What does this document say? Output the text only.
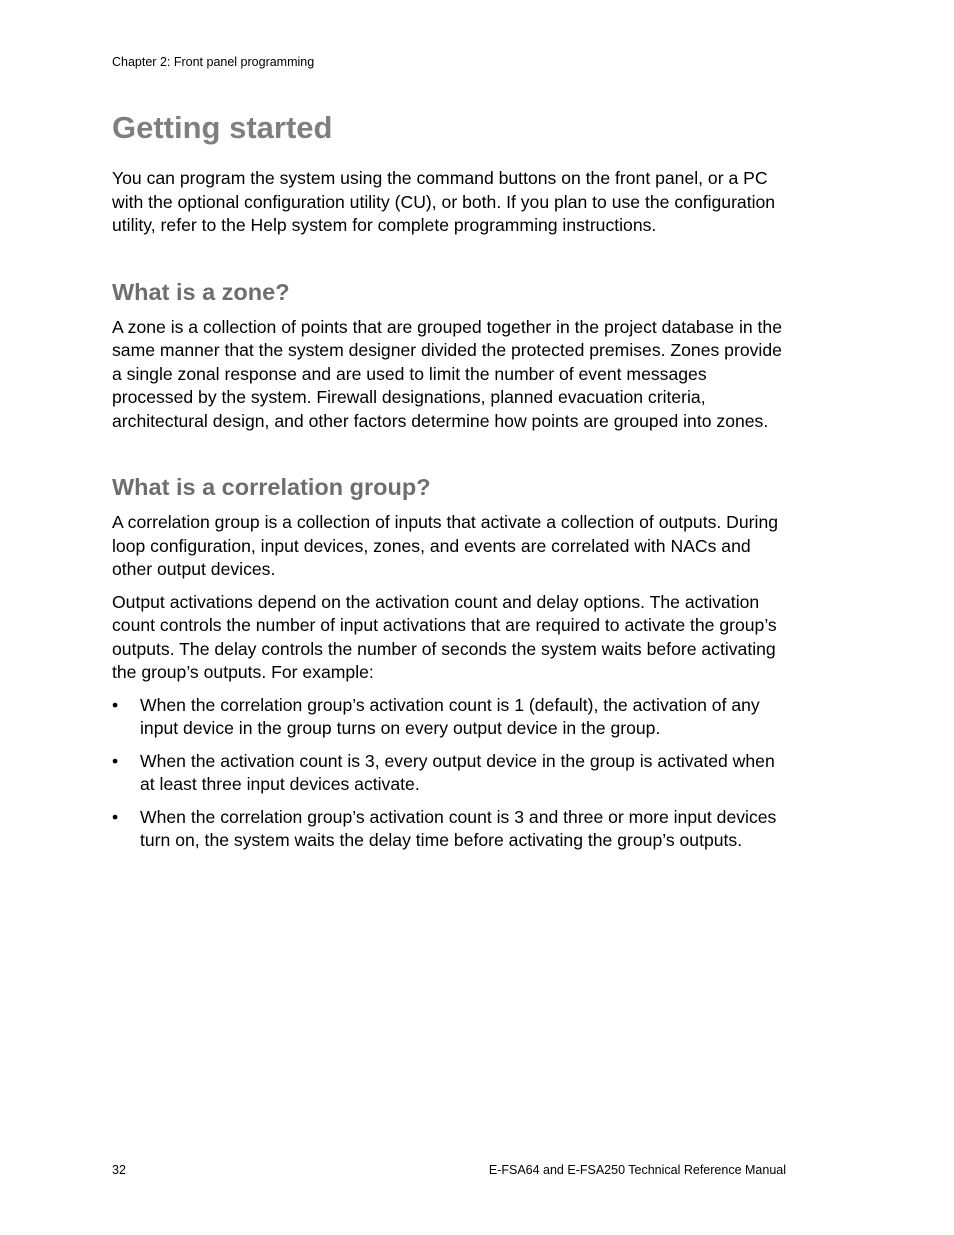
Chapter 2: Front panel programming
Getting started

You can program the system using the command buttons on the front panel, or a PC with the optional configuration utility (CU), or both. If you plan to use the configuration utility, refer to the Help system for complete programming instructions.

What is a zone?

A zone is a collection of points that are grouped together in the project database in the same manner that the system designer divided the protected premises. Zones provide a single zonal response and are used to limit the number of event messages processed by the system. Firewall designations, planned evacuation criteria, architectural design, and other factors determine how points are grouped into zones.

What is a correlation group?

A correlation group is a collection of inputs that activate a collection of outputs. During loop configuration, input devices, zones, and events are correlated with NACs and other output devices.

Output activations depend on the activation count and delay options. The activation count controls the number of input activations that are required to activate the group’s outputs. The delay controls the number of seconds the system waits before activating the group’s outputs. For example:

• When the correlation group’s activation count is 1 (default), the activation of any input device in the group turns on every output device in the group.
• When the activation count is 3, every output device in the group is activated when at least three input devices activate.
• When the correlation group’s activation count is 3 and three or more input devices turn on, the system waits the delay time before activating the group’s outputs.
32	E-FSA64 and E-FSA250 Technical Reference Manual
